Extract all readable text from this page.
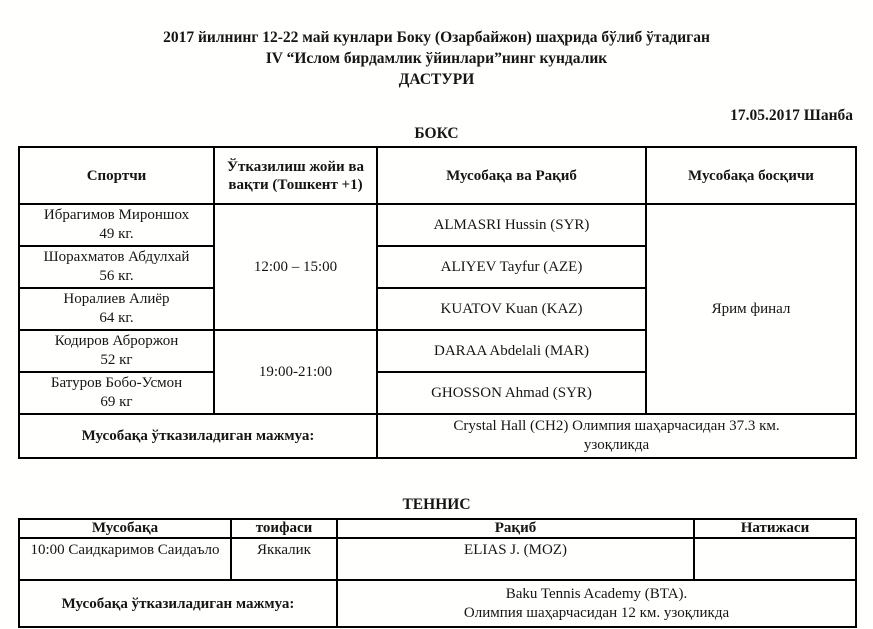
2017 йилнинг 12-22 май кунлари Боку (Озарбайжон) шаҳрида бўлиб ўтадиган
IV “Ислом бирдамлик ўйинлари”нинг кундалик
ДАСТУРИ
17.05.2017 Шанба
БОКС
Спортчи	Ўтказилиш жойи ва вақти (Тошкент +1)	Мусобақа ва Рақиб	Мусобақа босқичи

Ибрагимов Мироншох
49 кг.	12:00 – 15:00	ALMASRI Hussin (SYR)	Ярим финал

Шорахматов Абдулхай
56 кг.		ALIYEV Tayfur (AZE)	

Норалиев Алиёр
64 кг.		KUATOV Kuan (KAZ)	

Кодиров Аброржон
52 кг	19:00-21:00	DARAA Abdelali (MAR)	

Батуров Бобо-Усмон
69 кг		GHOSSON Ahmad (SYR)	
Мусобақа ўтказиладиган мажмуа:		Crystal Hall (CH2) Олимпия шаҳарчасидан 37.3 км.
узоқликда	
ТЕННИС
Мусобақа	тоифаси	Рақиб	Натижаси
10:00 Саидкаримов Саидаъло	Яккалик	ELIAS J. (MOZ)	
Мусобақа ўтказиладиган мажмуа:		Baku Tennis Academy (BTA).
Олимпия шаҳарчасидан 12 км. узоқликда	
